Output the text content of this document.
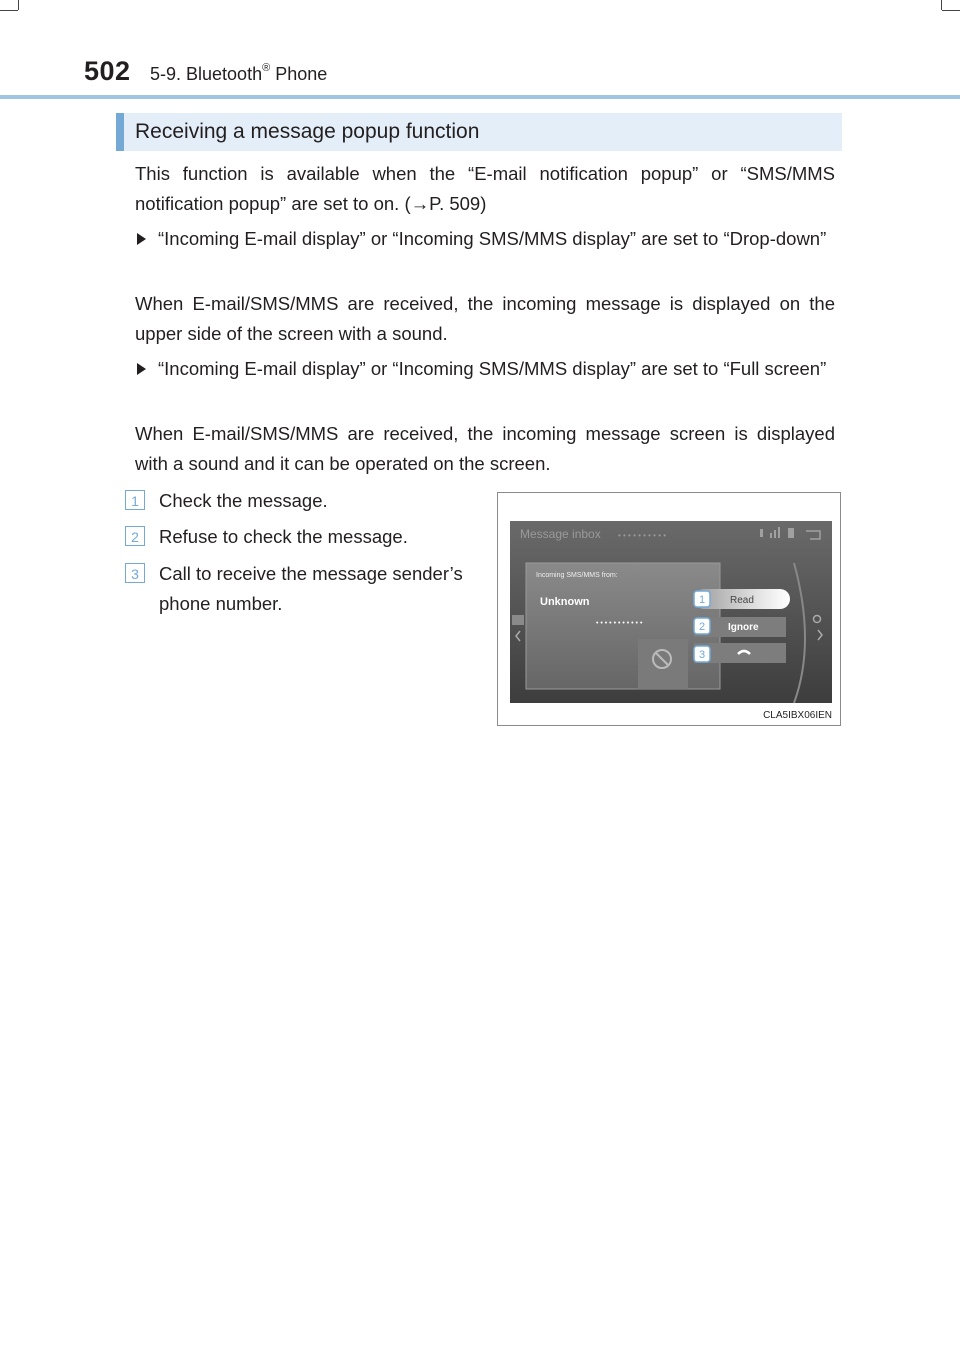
502 5-9. Bluetooth® Phone
Receiving a message popup function
This function is available when the “E-mail notification popup” or “SMS/MMS notification popup” are set to on. (→P. 509)
“Incoming E-mail display” or “Incoming SMS/MMS display” are set to “Drop-down”
When E-mail/SMS/MMS are received, the incoming message is displayed on the upper side of the screen with a sound.
“Incoming E-mail display” or “Incoming SMS/MMS display” are set to “Full screen”
When E-mail/SMS/MMS are received, the incoming message screen is displayed with a sound and it can be operated on the screen.
1	Check the message.
2	Refuse to check the message.
3	Call to receive the message sender’s phone number.
Message inbox • • • • • • • • • •
Incoming SMS/MMS from:
Unknown
• • • • • • • • • • •
Read
Ignore
1
2
3
CLA5IBX06IEN
